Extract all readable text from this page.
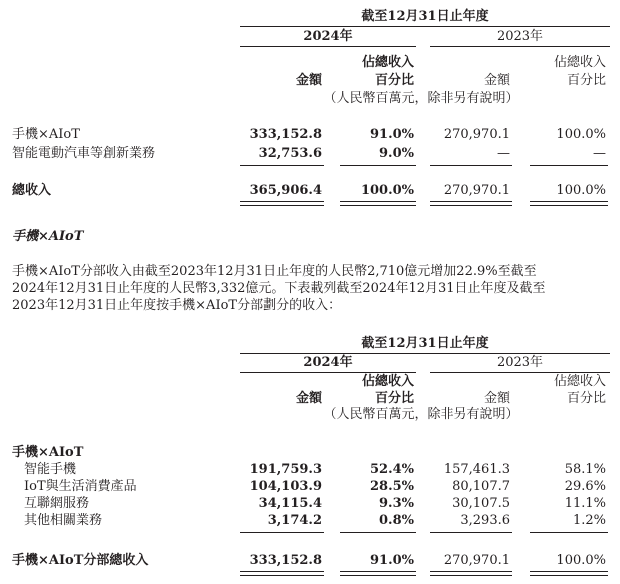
截至12月31日止年度
2024年	2023年
佔總收入	佔總收入
金額	百分比	金額	百分比
（人民幣百萬元，除非另有說明）
手機×AIoT	333,152.8	91.0%	270,970.1	100.0%
智能電動汽車等創新業務	32,753.6	9.0%	—	—
總收入	365,906.4	100.0%	270,970.1	100.0%
手機×AIoT
手機×AIoT分部收入由截至2023年12月31日止年度的人民幣2,710億元增加22.9%至截至
2024年12月31日止年度的人民幣3,332億元。下表載列截至2024年12月31日止年度及截至
2023年12月31日止年度按手機×AIoT分部劃分的收入：
截至12月31日止年度
2024年	2023年
佔總收入	佔總收入
金額	百分比	金額	百分比
（人民幣百萬元，除非另有說明）
手機×AIoT
智能手機	191,759.3	52.4%	157,461.3	58.1%
IoT與生活消費產品	104,103.9	28.5%	80,107.7	29.6%
互聯網服務	34,115.4	9.3%	30,107.5	11.1%
其他相關業務	3,174.2	0.8%	3,293.6	1.2%
手機×AIoT分部總收入	333,152.8	91.0%	270,970.1	100.0%
